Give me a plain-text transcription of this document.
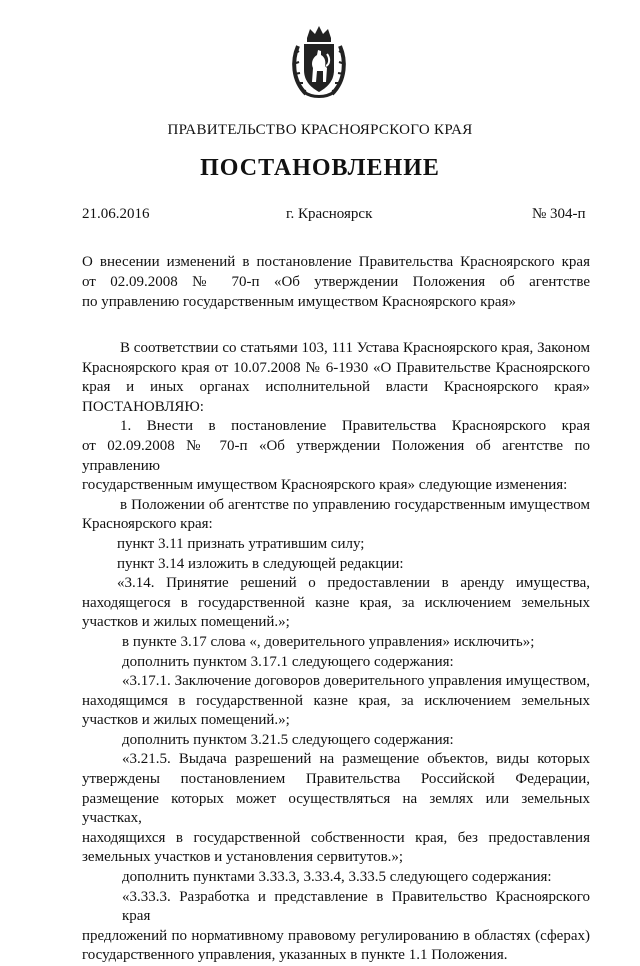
ПРАВИТЕЛЬСТВО КРАСНОЯРСКОГО КРАЯ
ПОСТАНОВЛЕНИЕ
21.06.2016	г. Красноярск	№ 304-п
О внесении изменений в постановление Правительства Красноярского края
от 02.09.2008 № 70-п «Об утверждении Положения об агентстве
по управлению государственным имуществом Красноярского края»
В соответствии со статьями 103, 111 Устава Красноярского края, Законом
Красноярского края от 10.07.2008 № 6-1930 «О Правительстве Красноярского
края и иных органах исполнительной власти Красноярского края»
ПОСТАНОВЛЯЮ:
1. Внести в постановление Правительства Красноярского края
от 02.09.2008 № 70-п «Об утверждении Положения об агентстве по управлению
государственным имуществом Красноярского края» следующие изменения:
в Положении об агентстве по управлению государственным имуществом
Красноярского края:
пункт 3.11 признать утратившим силу;
пункт 3.14 изложить в следующей редакции:
«3.14. Принятие решений о предоставлении в аренду имущества,
находящегося в государственной казне края, за исключением земельных
участков и жилых помещений.»;
в пункте 3.17 слова «, доверительного управления» исключить»;
дополнить пунктом 3.17.1 следующего содержания:
«3.17.1. Заключение договоров доверительного управления имуществом,
находящимся в государственной казне края, за исключением земельных
участков и жилых помещений.»;
дополнить пунктом 3.21.5 следующего содержания:
«3.21.5. Выдача разрешений на размещение объектов, виды которых
утверждены постановлением Правительства Российской Федерации,
размещение которых может осуществляться на землях или земельных участках,
находящихся в государственной собственности края, без предоставления
земельных участков и установления сервитутов.»;
дополнить пунктами 3.33.3, 3.33.4, 3.33.5 следующего содержания:
«3.33.3. Разработка и представление в Правительство Красноярского края
предложений по нормативному правовому регулированию в областях (сферах)
государственного управления, указанных в пункте 1.1 Положения.
